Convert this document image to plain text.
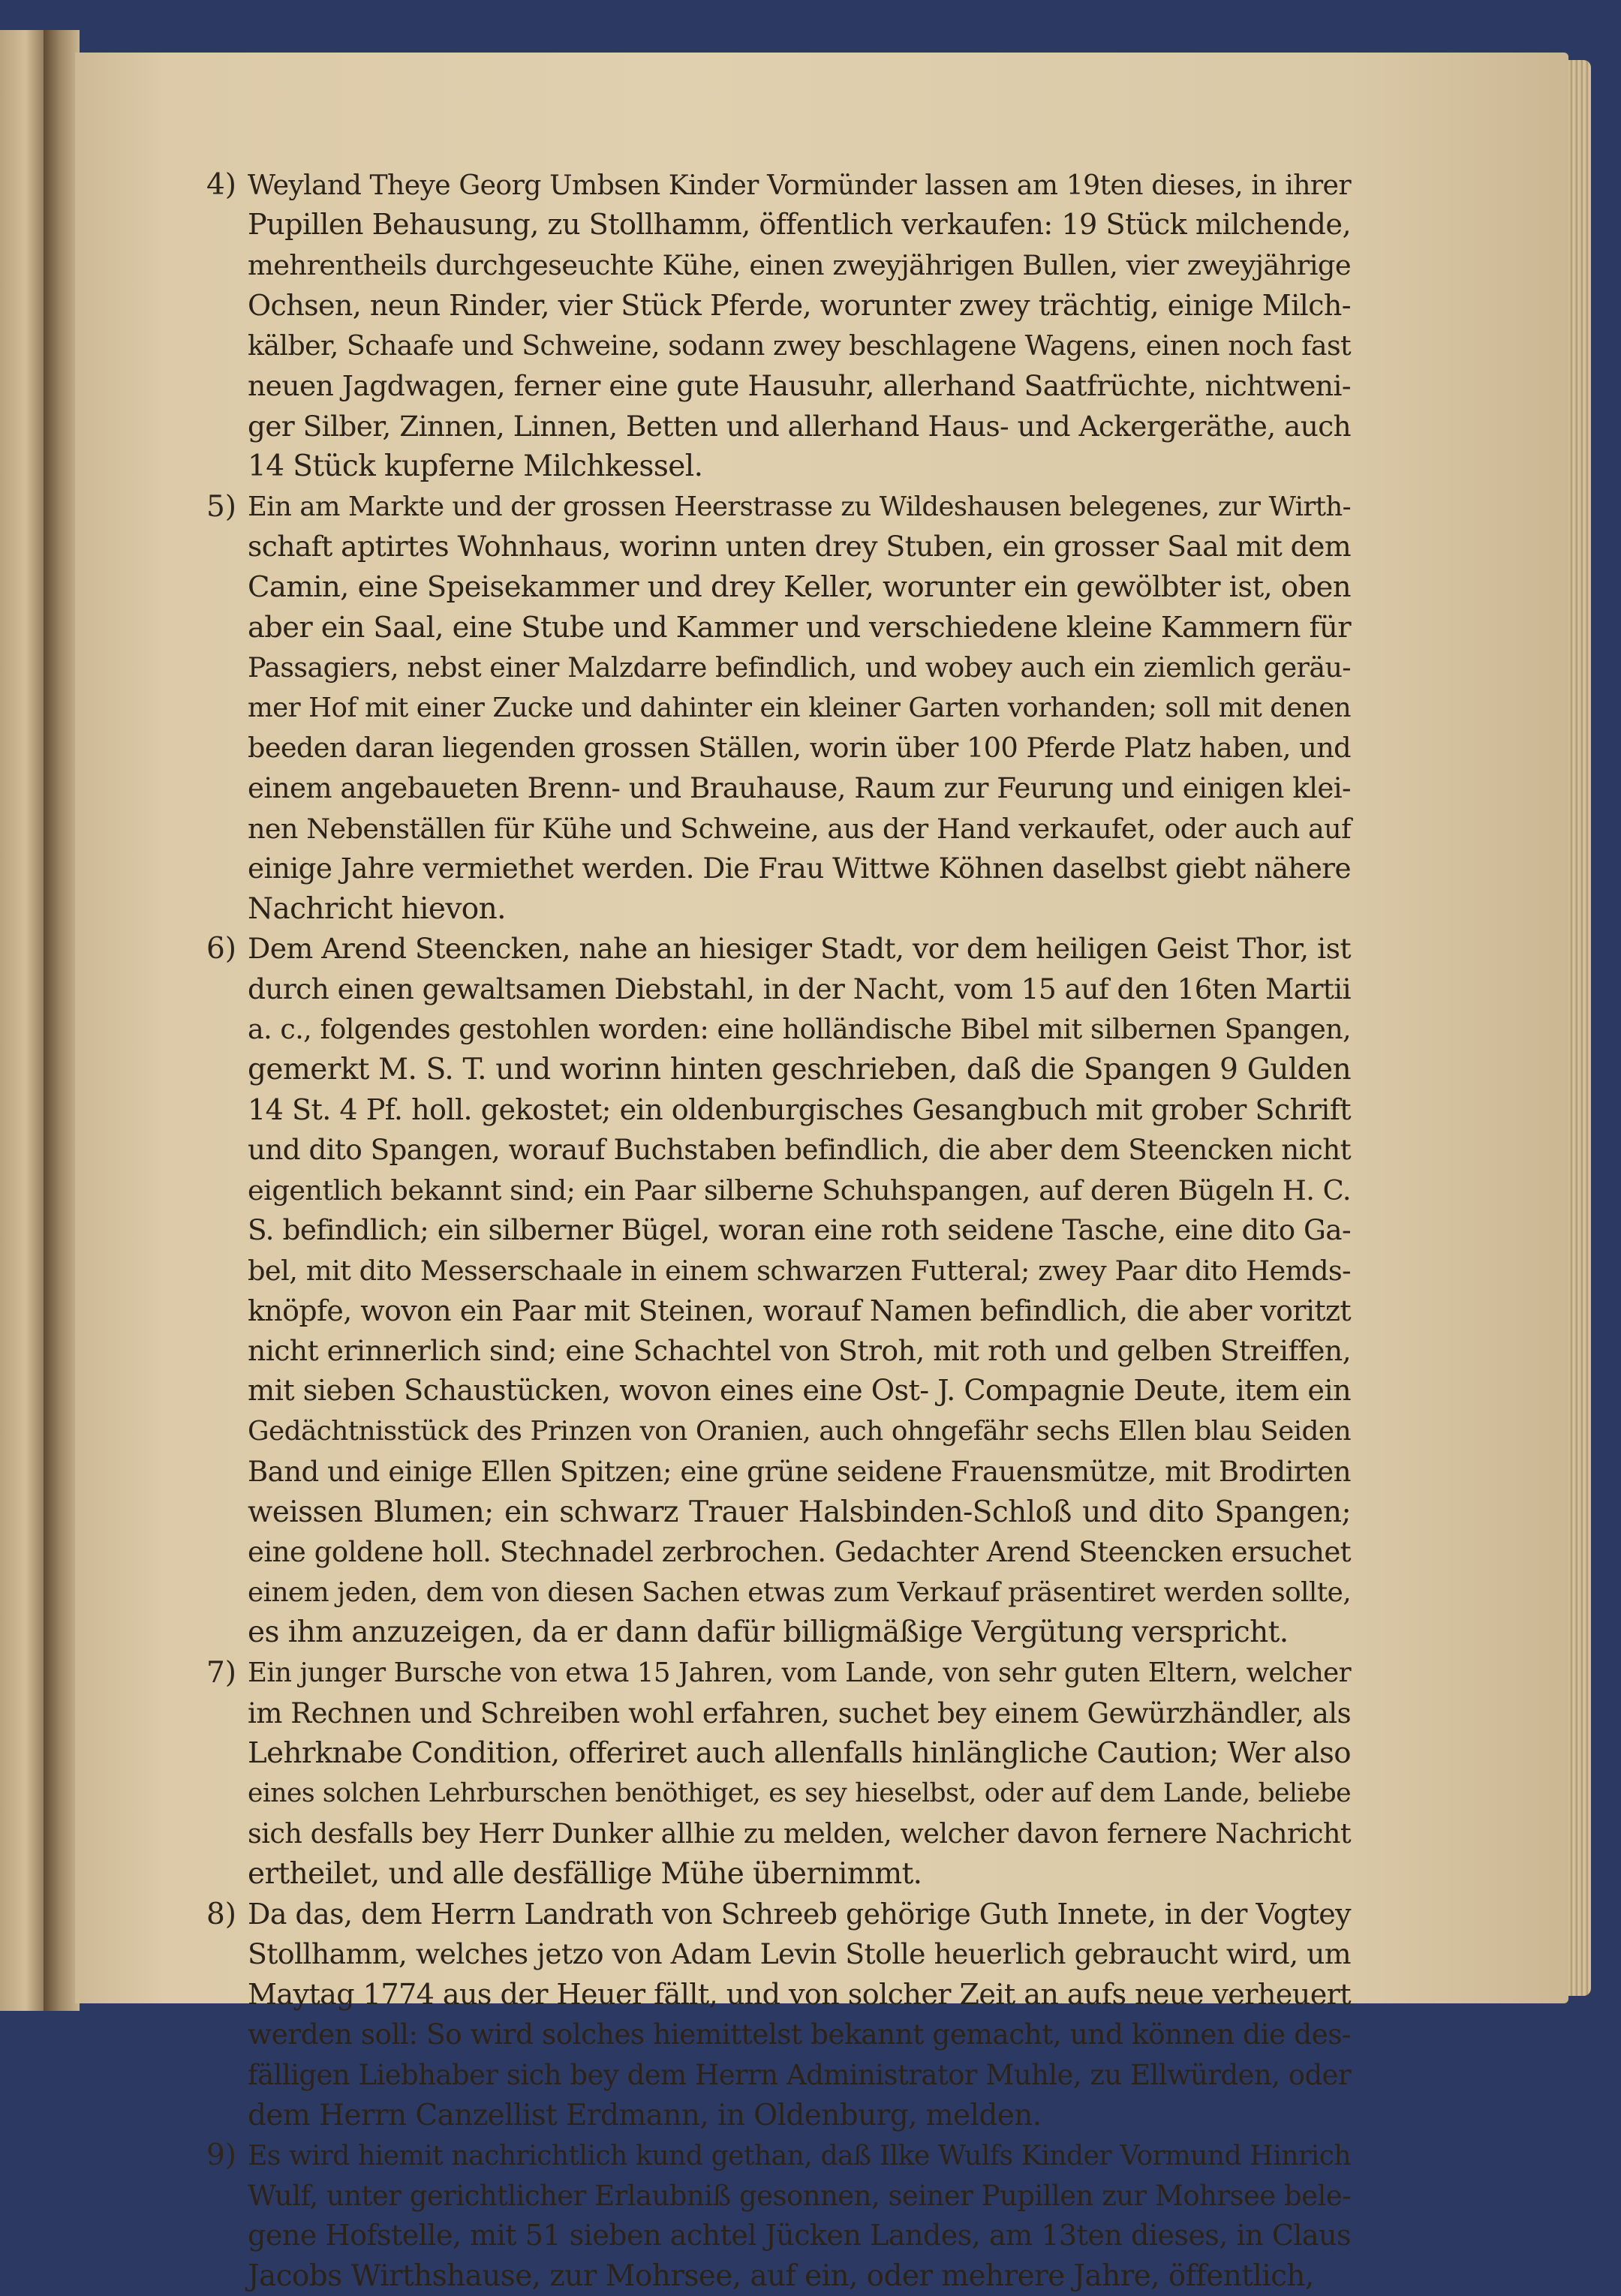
4) Weyland Theye Georg Umbsen Kinder Vormünder lassen am 19ten dieses, in ihrer
Pupillen Behausung, zu Stollhamm, öffentlich verkaufen: 19 Stück milchende,
mehrentheils durchgeseuchte Kühe, einen zweyjährigen Bullen, vier zweyjährige
Ochsen, neun Rinder, vier Stück Pferde, worunter zwey trächtig, einige Milch-
kälber, Schaafe und Schweine, sodann zwey beschlagene Wagens, einen noch fast
neuen Jagdwagen, ferner eine gute Hausuhr, allerhand Saatfrüchte, nichtweni-
ger Silber, Zinnen, Linnen, Betten und allerhand Haus- und Ackergeräthe, auch
14 Stück kupferne Milchkessel.
5) Ein am Markte und der grossen Heerstrasse zu Wildeshausen belegenes, zur Wirth-
schaft aptirtes Wohnhaus, worinn unten drey Stuben, ein grosser Saal mit dem
Camin, eine Speisekammer und drey Keller, worunter ein gewölbter ist, oben
aber ein Saal, eine Stube und Kammer und verschiedene kleine Kammern für
Passagiers, nebst einer Malzdarre befindlich, und wobey auch ein ziemlich geräu-
mer Hof mit einer Zucke und dahinter ein kleiner Garten vorhanden; soll mit denen
beeden daran liegenden grossen Ställen, worin über 100 Pferde Platz haben, und
einem angebaueten Brenn- und Brauhause, Raum zur Feurung und einigen klei-
nen Nebenställen für Kühe und Schweine, aus der Hand verkaufet, oder auch auf
einige Jahre vermiethet werden. Die Frau Wittwe Köhnen daselbst giebt nähere
Nachricht hievon.
6) Dem Arend Steencken, nahe an hiesiger Stadt, vor dem heiligen Geist Thor, ist
durch einen gewaltsamen Diebstahl, in der Nacht, vom 15 auf den 16ten Martii
a. c., folgendes gestohlen worden: eine holländische Bibel mit silbernen Spangen,
gemerkt M. S. T. und worinn hinten geschrieben, daß die Spangen 9 Gulden
14 St. 4 Pf. holl. gekostet; ein oldenburgisches Gesangbuch mit grober Schrift
und dito Spangen, worauf Buchstaben befindlich, die aber dem Steencken nicht
eigentlich bekannt sind; ein Paar silberne Schuhspangen, auf deren Bügeln H. C.
S. befindlich; ein silberner Bügel, woran eine roth seidene Tasche, eine dito Ga-
bel, mit dito Messerschaale in einem schwarzen Futteral; zwey Paar dito Hemds-
knöpfe, wovon ein Paar mit Steinen, worauf Namen befindlich, die aber voritzt
nicht erinnerlich sind; eine Schachtel von Stroh, mit roth und gelben Streiffen,
mit sieben Schaustücken, wovon eines eine Ost- J. Compagnie Deute, item ein
Gedächtnisstück des Prinzen von Oranien, auch ohngefähr sechs Ellen blau Seiden
Band und einige Ellen Spitzen; eine grüne seidene Frauensmütze, mit Brodirten
weissen Blumen; ein schwarz Trauer Halsbinden-Schloß und dito Spangen;
eine goldene holl. Stechnadel zerbrochen. Gedachter Arend Steencken ersuchet
einem jeden, dem von diesen Sachen etwas zum Verkauf präsentiret werden sollte,
es ihm anzuzeigen, da er dann dafür billigmäßige Vergütung verspricht.
7) Ein junger Bursche von etwa 15 Jahren, vom Lande, von sehr guten Eltern, welcher
im Rechnen und Schreiben wohl erfahren, suchet bey einem Gewürzhändler, als
Lehrknabe Condition, offeriret auch allenfalls hinlängliche Caution; Wer also
eines solchen Lehrburschen benöthiget, es sey hieselbst, oder auf dem Lande, beliebe
sich desfalls bey Herr Dunker allhie zu melden, welcher davon fernere Nachricht
ertheilet, und alle desfällige Mühe übernimmt.
8) Da das, dem Herrn Landrath von Schreeb gehörige Guth Innete, in der Vogtey
Stollhamm, welches jetzo von Adam Levin Stolle heuerlich gebraucht wird, um
Maytag 1774 aus der Heuer fällt, und von solcher Zeit an aufs neue verheuert
werden soll: So wird solches hiemittelst bekannt gemacht, und können die des-
fälligen Liebhaber sich bey dem Herrn Administrator Muhle, zu Ellwürden, oder
dem Herrn Canzellist Erdmann, in Oldenburg, melden.
9) Es wird hiemit nachrichtlich kund gethan, daß Ilke Wulfs Kinder Vormund Hinrich
Wulf, unter gerichtlicher Erlaubniß gesonnen, seiner Pupillen zur Mohrsee bele-
gene Hofstelle, mit 51 sieben achtel Jücken Landes, am 13ten dieses, in Claus
Jacobs Wirthshause, zur Mohrsee, auf ein, oder mehrere Jahre, öffentlich,
